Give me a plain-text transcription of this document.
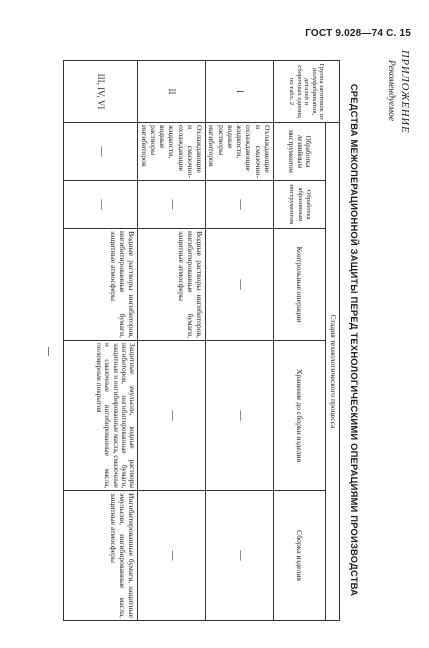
ГОСТ 9.028—74 С. 15
ПРИЛОЖЕНИЕ
Рекомендуемое
СРЕДСТВА МЕЖОПЕРАЦИОННОЙ ЗАЩИТЫ ПЕРЕД ТЕХНОЛОГИЧЕСКИМИ ОПЕРАЦИЯМИ ПРОИЗВОДСТВА
Группа заготовок из полуфабрикатов, деталей и сборочных единиц по табл. 2	Стадия технологического процесса				
	Обработка лезвийным инструментом	Обработка абразивным инструментом	Контрольные операции	Хранение до сборки изделия	Сборка изделия
I	Охлаждающие и смазочно-охлаждающие жидкости, водные растворы ингибиторов	—	—	—	—
II	Охлаждающие и смазочно-охлаждающие жидкости, водные растворы ингибиторов	—	Водные растворы ингибиторов, ингибитированные бумаги, защитные атмосферы	—	—
III, IV, VI	—	—	Водные растворы ингибиторов, ингибитированные бумаги, защитные атмосферы	Защитные эмульсии, водные растворы ингибиторов, ингибитированные бумаги, защитные и ингибированные масла, смазочные и смазочные ингибированные масла, полимерные покрытия	Ингибитированные бумаги, защитные эмульсии, ингибированные масла, защитные атмосферы
